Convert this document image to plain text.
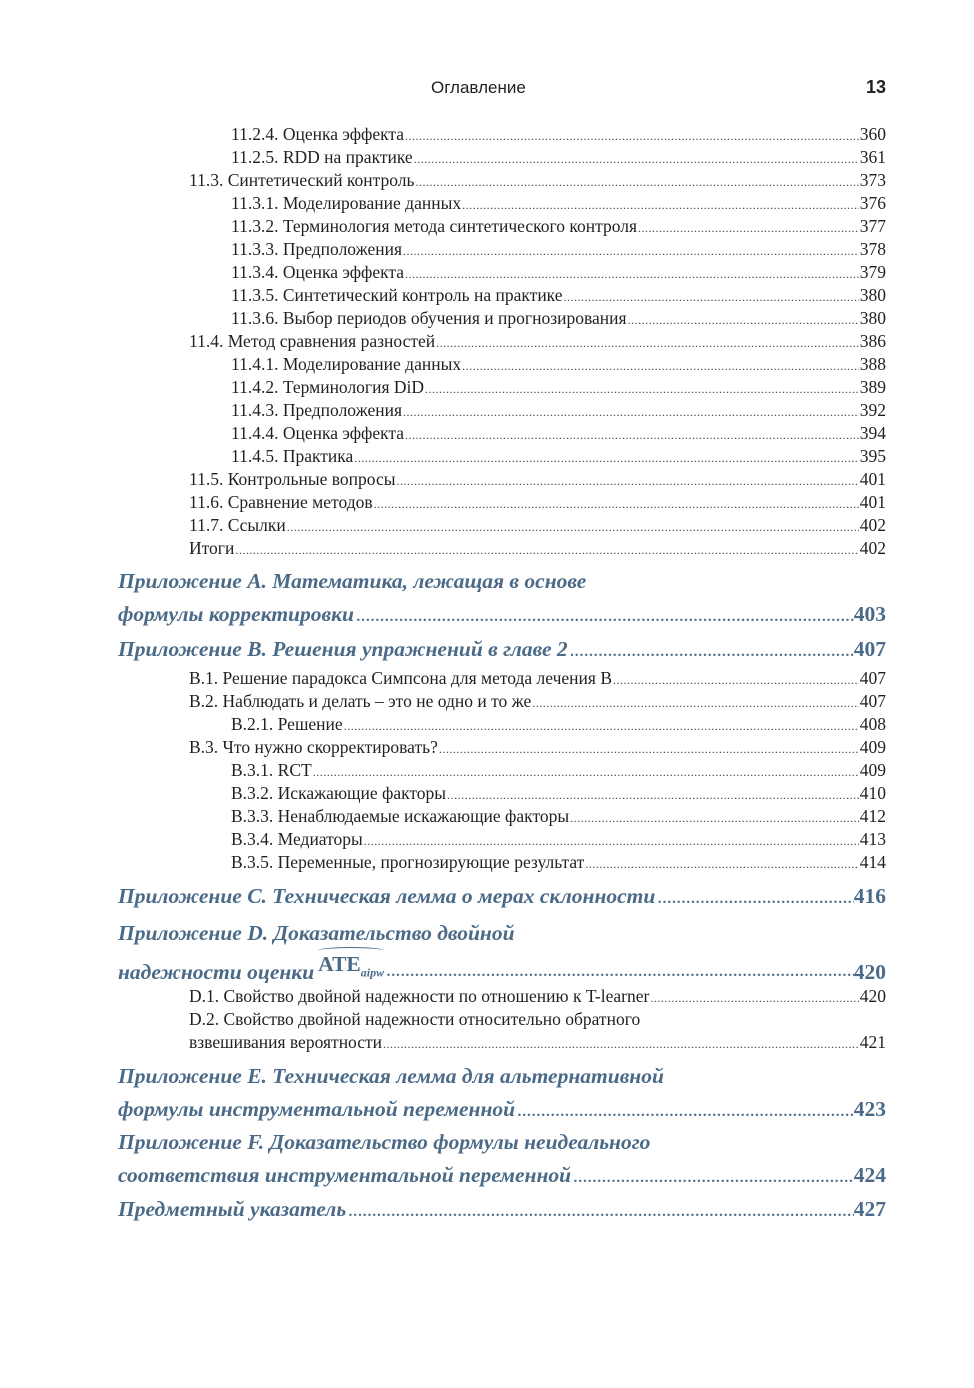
Оглавление	13
11.2.4. Оценка эффекта .....	360
11.2.5. RDD на практике .....	361
11.3. Синтетический контроль .....	373
11.3.1. Моделирование данных .....	376
11.3.2. Терминология метода синтетического контроля .....	377
11.3.3. Предположения .....	378
11.3.4. Оценка эффекта .....	379
11.3.5. Синтетический контроль на практике .....	380
11.3.6. Выбор периодов обучения и прогнозирования .....	380
11.4. Метод сравнения разностей .....	386
11.4.1. Моделирование данных .....	388
11.4.2. Терминология DiD .....	389
11.4.3. Предположения .....	392
11.4.4. Оценка эффекта .....	394
11.4.5. Практика .....	395
11.5. Контрольные вопросы .....	401
11.6. Сравнение методов .....	401
11.7. Ссылки .....	402
Итоги .....	402
Приложение A. Математика, лежащая в основе
формулы корректировки .....	403
Приложение B. Решения упражнений в главе 2 .....	407
B.1. Решение парадокса Симпсона для метода лечения B .....	407
B.2. Наблюдать и делать – это не одно и то же .....	407
B.2.1. Решение .....	408
B.3. Что нужно скорректировать? .....	409
B.3.1. RCT .....	409
B.3.2. Искажающие факторы .....	410
B.3.3. Ненаблюдаемые искажающие факторы .....	412
B.3.4. Медиаторы .....	413
B.3.5. Переменные, прогнозирующие результат .....	414
Приложение C. Техническая лемма о мерах склонности .....	416
Приложение D. Доказательство двойной
надежности оценки $ATE_{aipw}$ .....	420
D.1. Свойство двойной надежности по отношению к T-learner .....	420
D.2. Свойство двойной надежности относительно обратного
взвешивания вероятности .....	421
Приложение E. Техническая лемма для альтернативной
формулы инструментальной переменной .....	423
Приложение F. Доказательство формулы неидеального
соответствия инструментальной переменной .....	424
Предметный указатель .....	427
